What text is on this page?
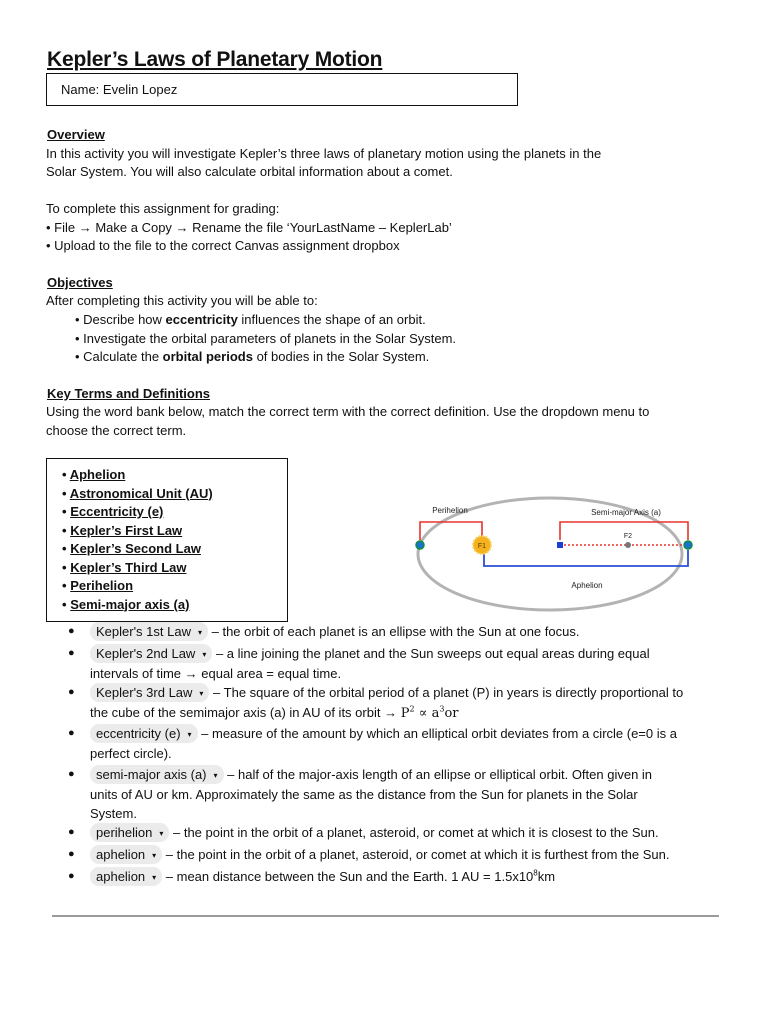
Kepler’s Laws of Planetary Motion
Name: Evelin Lopez
Overview
In this activity you will investigate Kepler’s three laws of planetary motion using the planets in the
Solar System. You will also calculate orbital information about a comet.
To complete this assignment for grading:
• File → Make a Copy → Rename the file ‘YourLastName – KeplerLab’
• Upload to the file to the correct Canvas assignment dropbox
Objectives
After completing this activity you will be able to:
• Describe how eccentricity influences the shape of an orbit.
• Investigate the orbital parameters of planets in the Solar System.
• Calculate the orbital periods of bodies in the Solar System.
Key Terms and Definitions
Using the word bank below, match the correct term with the correct definition. Use the dropdown menu to
choose the correct term.
• Aphelion
• Astronomical Unit (AU)
• Eccentricity (e)
• Kepler’s First Law
• Kepler’s Second Law
• Kepler’s Third Law
• Perihelion
• Semi-major axis (a)
Perihelion	Semi-major Axis (a)
Aphelion
F1
F2
●	Kepler's 1st Law ▾ – the orbit of each planet is an ellipse with the Sun at one focus.
●	Kepler's 2nd Law ▾ – a line joining the planet and the Sun sweeps out equal areas during equal
intervals of time → equal area = equal time.
●	Kepler's 3rd Law ▾ – The square of the orbital period of a planet (P) in years is directly proportional to
the cube of the semimajor axis (a) in AU of its orbit → $P^2 \propto a^3or$
●	eccentricity (e) ▾ – measure of the amount by which an elliptical orbit deviates from a circle (e=0 is a
perfect circle).
●	semi-major axis (a) ▾ – half of the major-axis length of an ellipse or elliptical orbit. Often given in
units of AU or km. Approximately the same as the distance from the Sun for planets in the Solar
System.
●	perihelion ▾ – the point in the orbit of a planet, asteroid, or comet at which it is closest to the Sun.
●	aphelion ▾ – the point in the orbit of a planet, asteroid, or comet at which it is furthest from the Sun.
●	aphelion ▾ – mean distance between the Sun and the Earth. 1 AU = $1.5x10^8km$
